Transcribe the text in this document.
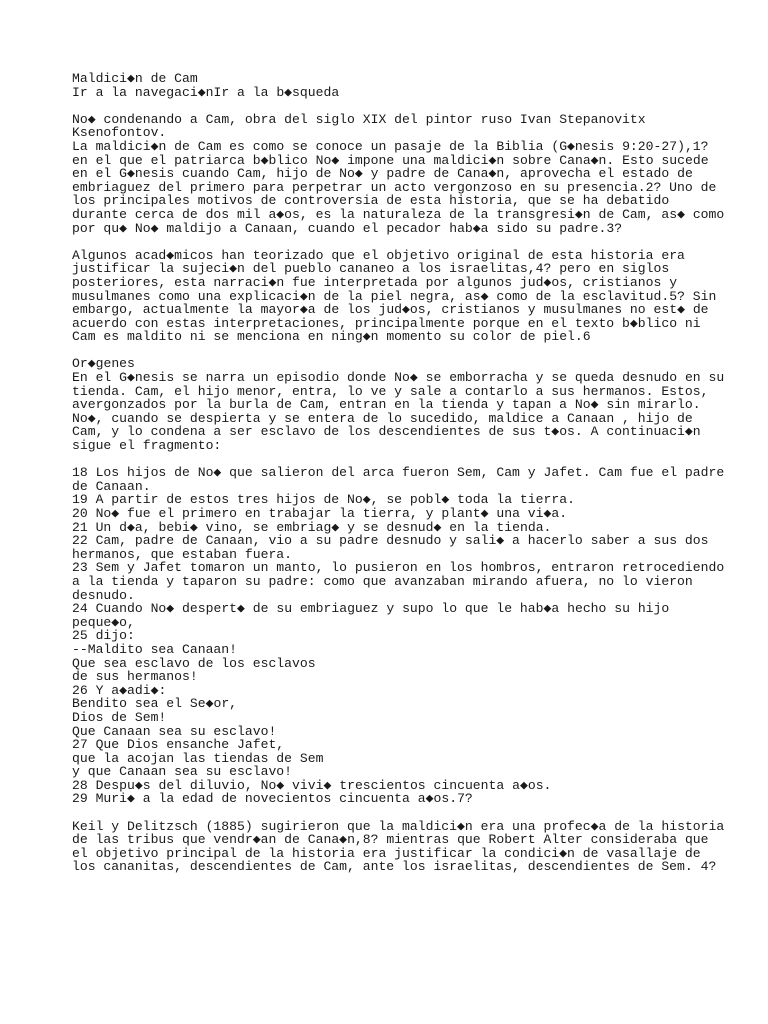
Maldici◆n de Cam
Ir a la navegaci◆nIr a la b◆squeda
No◆ condenando a Cam, obra del siglo XIX del pintor ruso Ivan Stepanovitx
Ksenofontov.
La maldici◆n de Cam es como se conoce un pasaje de la Biblia (G◆nesis 9:20-27),1?
en el que el patriarca b◆blico No◆ impone una maldici◆n sobre Cana◆n. Esto sucede
en el G◆nesis cuando Cam, hijo de No◆ y padre de Cana◆n, aprovecha el estado de
embriaguez del primero para perpetrar un acto vergonzoso en su presencia.2? Uno de
los principales motivos de controversia de esta historia, que se ha debatido
durante cerca de dos mil a◆os, es la naturaleza de la transgresi◆n de Cam, as◆ como
por qu◆ No◆ maldijo a Canaan, cuando el pecador hab◆a sido su padre.3?
Algunos acad◆micos han teorizado que el objetivo original de esta historia era
justificar la sujeci◆n del pueblo cananeo a los israelitas,4? pero en siglos
posteriores, esta narraci◆n fue interpretada por algunos jud◆os, cristianos y
musulmanes como una explicaci◆n de la piel negra, as◆ como de la esclavitud.5? Sin
embargo, actualmente la mayor◆a de los jud◆os, cristianos y musulmanes no est◆ de
acuerdo con estas interpretaciones, principalmente porque en el texto b◆blico ni
Cam es maldito ni se menciona en ning◆n momento su color de piel.6
Or◆genes
En el G◆nesis se narra un episodio donde No◆ se emborracha y se queda desnudo en su
tienda. Cam, el hijo menor, entra, lo ve y sale a contarlo a sus hermanos. Estos,
avergonzados por la burla de Cam, entran en la tienda y tapan a No◆ sin mirarlo.
No◆, cuando se despierta y se entera de lo sucedido, maldice a Canaan , hijo de
Cam, y lo condena a ser esclavo de los descendientes de sus t◆os. A continuaci◆n
sigue el fragmento:
18 Los hijos de No◆ que salieron del arca fueron Sem, Cam y Jafet. Cam fue el padre
de Canaan.
19 A partir de estos tres hijos de No◆, se pobl◆ toda la tierra.
20 No◆ fue el primero en trabajar la tierra, y plant◆ una vi◆a.
21 Un d◆a, bebi◆ vino, se embriag◆ y se desnud◆ en la tienda.
22 Cam, padre de Canaan, vio a su padre desnudo y sali◆ a hacerlo saber a sus dos
hermanos, que estaban fuera.
23 Sem y Jafet tomaron un manto, lo pusieron en los hombros, entraron retrocediendo
a la tienda y taparon su padre: como que avanzaban mirando afuera, no lo vieron
desnudo.
24 Cuando No◆ despert◆ de su embriaguez y supo lo que le hab◆a hecho su hijo
peque◆o,
25 dijo:
--Maldito sea Canaan!
Que sea esclavo de los esclavos
de sus hermanos!
26 Y a◆adi◆:
Bendito sea el Se◆or,
Dios de Sem!
Que Canaan sea su esclavo!
27 Que Dios ensanche Jafet,
que la acojan las tiendas de Sem
y que Canaan sea su esclavo!
28 Despu◆s del diluvio, No◆ vivi◆ trescientos cincuenta a◆os.
29 Muri◆ a la edad de novecientos cincuenta a◆os.7?
Keil y Delitzsch (1885) sugirieron que la maldici◆n era una profec◆a de la historia
de las tribus que vendr◆an de Cana◆n,8? mientras que Robert Alter consideraba que
el objetivo principal de la historia era justificar la condici◆n de vasallaje de
los cananitas, descendientes de Cam, ante los israelitas, descendientes de Sem. 4?
